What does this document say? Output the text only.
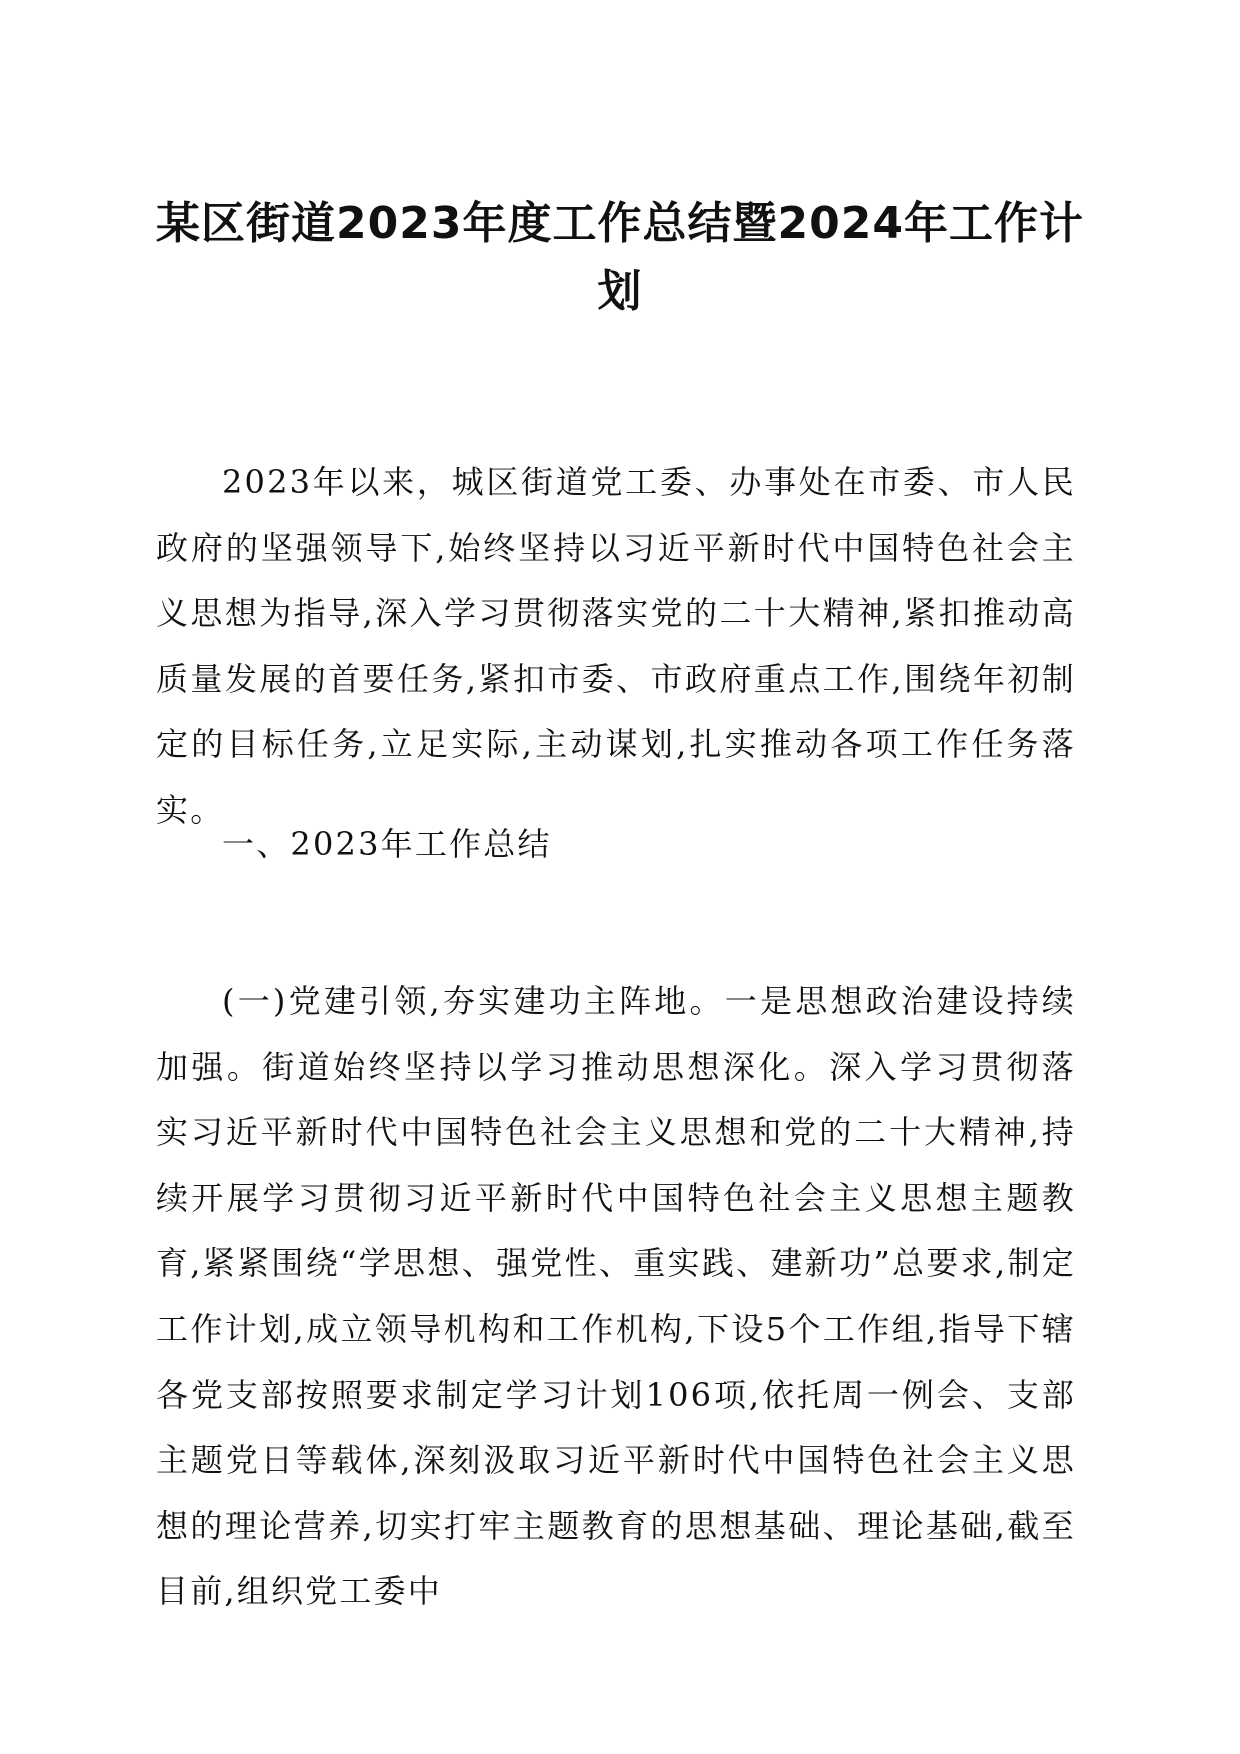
某区街道2023年度工作总结暨2024年工作计划

2023年以来，城区街道党工委、办事处在市委、市人民政府的坚强领导下,始终坚持以习近平新时代中国特色社会主义思想为指导,深入学习贯彻落实党的二十大精神,紧扣推动高质量发展的首要任务,紧扣市委、市政府重点工作,围绕年初制定的目标任务,立足实际,主动谋划,扎实推动各项工作任务落实。

一、2023年工作总结

(一)党建引领,夯实建功主阵地。一是思想政治建设持续加强。街道始终坚持以学习推动思想深化。深入学习贯彻落实习近平新时代中国特色社会主义思想和党的二十大精神,持续开展学习贯彻习近平新时代中国特色社会主义思想主题教育,紧紧围绕“学思想、强党性、重实践、建新功”总要求,制定工作计划,成立领导机构和工作机构,下设5个工作组,指导下辖各党支部按照要求制定学习计划106项,依托周一例会、支部主题党日等载体,深刻汲取习近平新时代中国特色社会主义思想的理论营养,切实打牢主题教育的思想基础、理论基础,截至目前,组织党工委中
